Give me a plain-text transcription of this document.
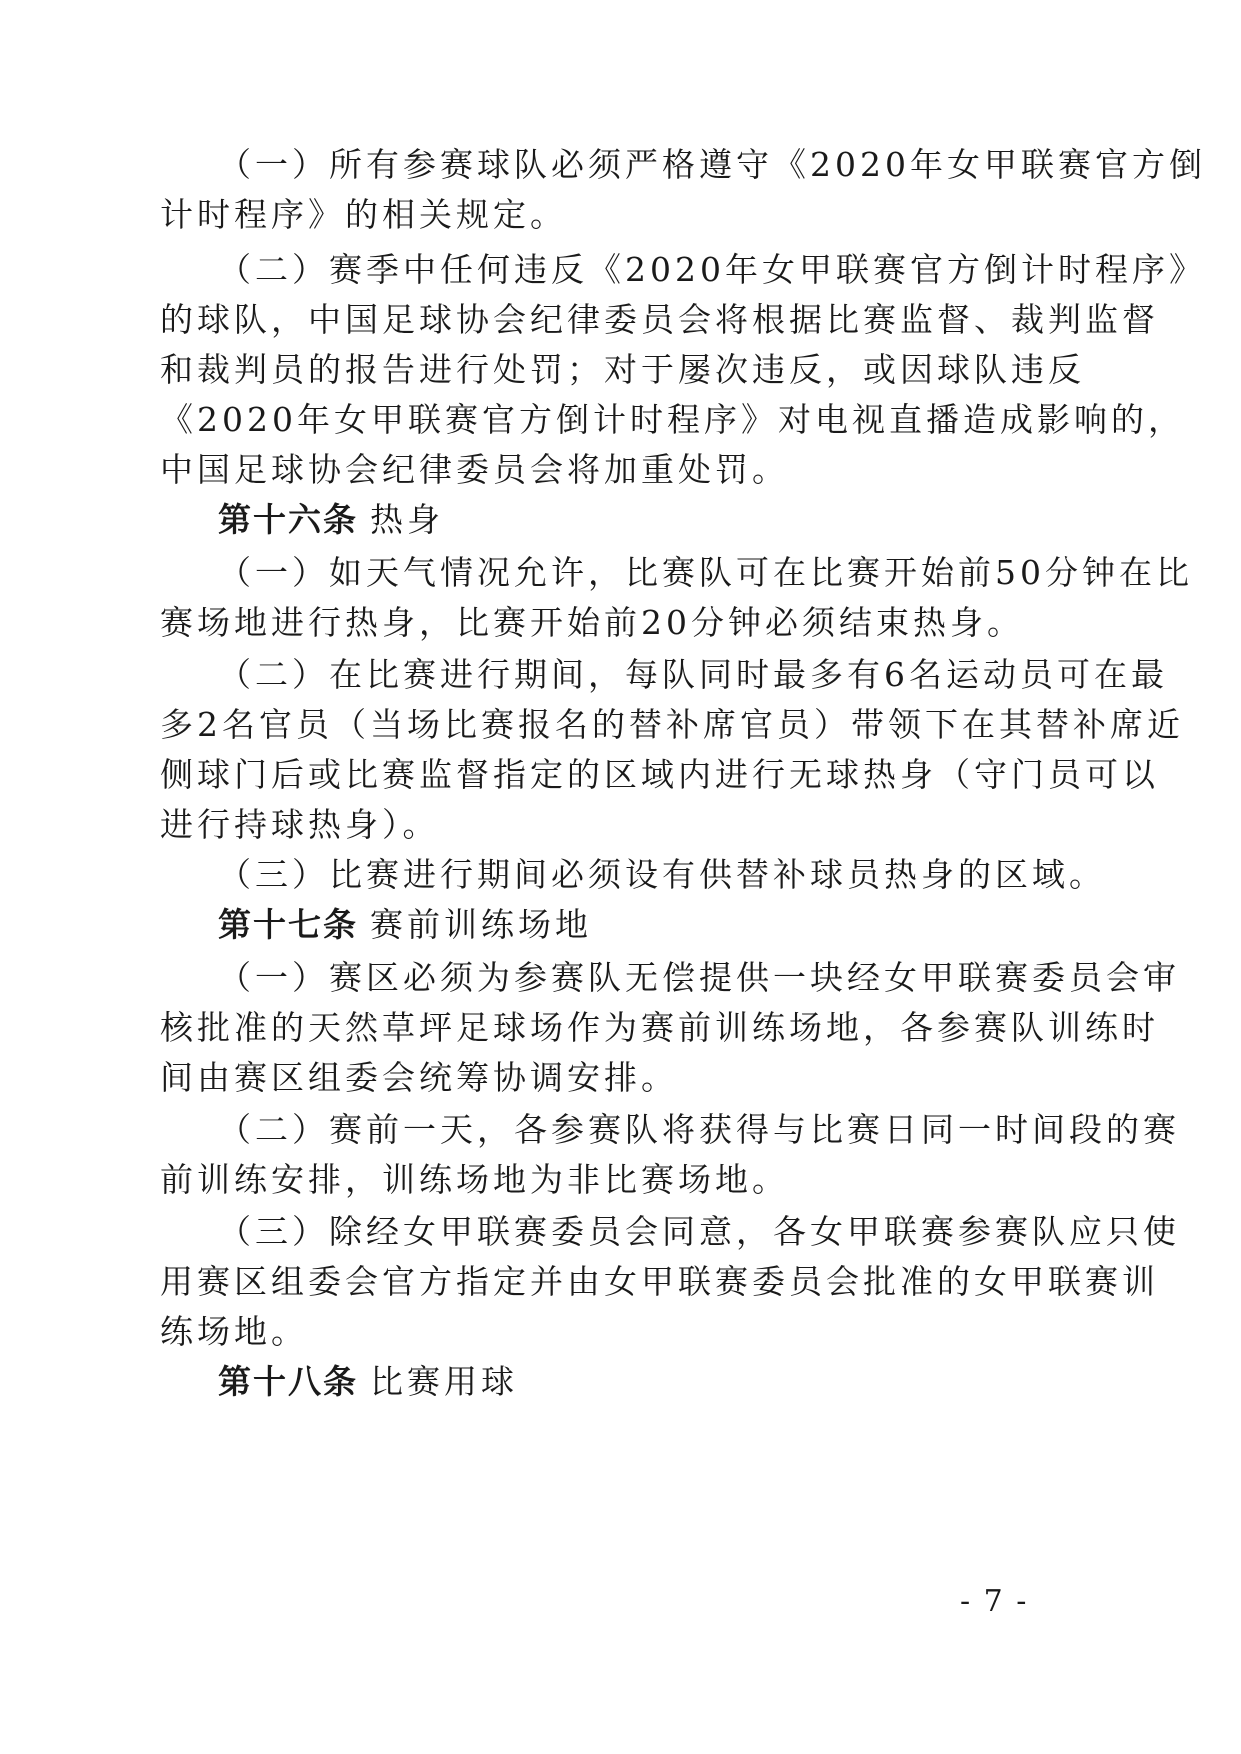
（一）所有参赛球队必须严格遵守《2020年女甲联赛官方倒
计时程序》的相关规定。
（二）赛季中任何违反《2020年女甲联赛官方倒计时程序》
的球队，中国足球协会纪律委员会将根据比赛监督、裁判监督
和裁判员的报告进行处罚；对于屡次违反，或因球队违反
《2020年女甲联赛官方倒计时程序》对电视直播造成影响的，
中国足球协会纪律委员会将加重处罚。
第十六条 热身
（一）如天气情况允许，比赛队可在比赛开始前50分钟在比
赛场地进行热身，比赛开始前20分钟必须结束热身。
（二）在比赛进行期间，每队同时最多有6名运动员可在最
多2名官员（当场比赛报名的替补席官员）带领下在其替补席近
侧球门后或比赛监督指定的区域内进行无球热身（守门员可以
进行持球热身）。
（三）比赛进行期间必须设有供替补球员热身的区域。
第十七条 赛前训练场地
（一）赛区必须为参赛队无偿提供一块经女甲联赛委员会审
核批准的天然草坪足球场作为赛前训练场地，各参赛队训练时
间由赛区组委会统筹协调安排。
（二）赛前一天，各参赛队将获得与比赛日同一时间段的赛
前训练安排，训练场地为非比赛场地。
（三）除经女甲联赛委员会同意，各女甲联赛参赛队应只使
用赛区组委会官方指定并由女甲联赛委员会批准的女甲联赛训
练场地。
第十八条 比赛用球
- 7 -
